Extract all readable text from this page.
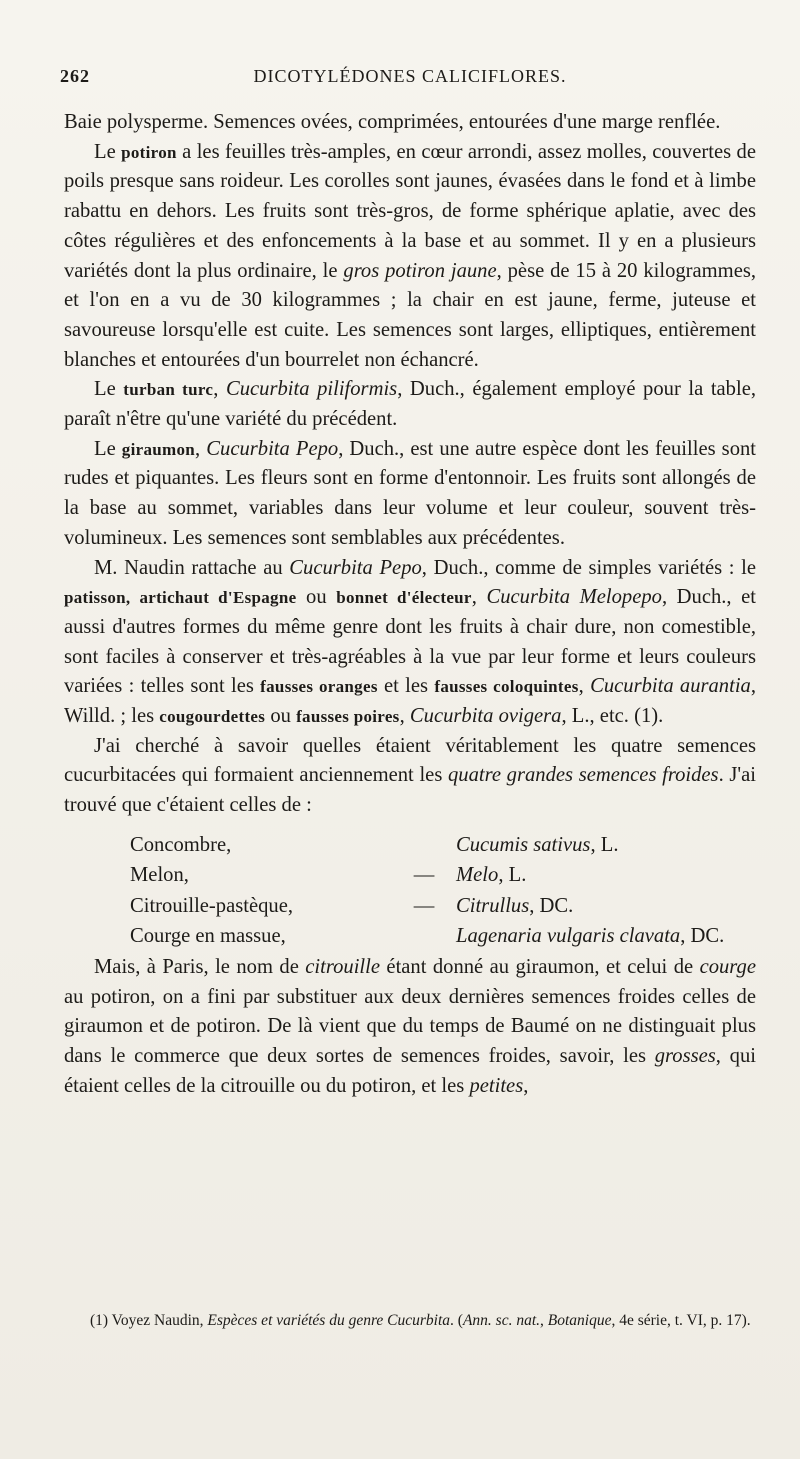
262	DICOTYLÉDONES CALICIFLORES.

Baie polysperme. Semences ovées, comprimées, entourées d'une marge renflée.

Le potiron a les feuilles très-amples, en cœur arrondi, assez molles, couvertes de poils presque sans roideur. Les corolles sont jaunes, évasées dans le fond et à limbe rabattu en dehors. Les fruits sont très-gros, de forme sphérique aplatie, avec des côtes régulières et des enfoncements à la base et au sommet. Il y en a plusieurs variétés dont la plus ordinaire, le gros potiron jaune, pèse de 15 à 20 kilogrammes, et l'on en a vu de 30 kilogrammes ; la chair en est jaune, ferme, juteuse et savoureuse lorsqu'elle est cuite. Les semences sont larges, elliptiques, entièrement blanches et entourées d'un bourrelet non échancré.

Le turban turc, Cucurbita piliformis, Duch., également employé pour la table, paraît n'être qu'une variété du précédent.

Le giraumon, Cucurbita Pepo, Duch., est une autre espèce dont les feuilles sont rudes et piquantes. Les fleurs sont en forme d'entonnoir. Les fruits sont allongés de la base au sommet, variables dans leur volume et leur couleur, souvent très-volumineux. Les semences sont semblables aux précédentes.

M. Naudin rattache au Cucurbita Pepo, Duch., comme de simples variétés : le patisson, artichaut d'Espagne ou bonnet d'électeur, Cucurbita Melopepo, Duch., et aussi d'autres formes du même genre dont les fruits à chair dure, non comestible, sont faciles à conserver et très-agréables à la vue par leur forme et leurs couleurs variées : telles sont les fausses oranges et les fausses coloquintes, Cucurbita aurantia, Willd. ; les cougourdettes ou fausses poires, Cucurbita ovigera, L., etc. (1).

J'ai cherché à savoir quelles étaient véritablement les quatre semences cucurbitacées qui formaient anciennement les quatre grandes semences froides. J'ai trouvé que c'étaient celles de :

Concombre,	Cucumis sativus, L.
Melon,	— Melo, L.
Citrouille-pastèque,	— Citrullus, DC.
Courge en massue,	Lagenaria vulgaris clavata, DC.

Mais, à Paris, le nom de citrouille étant donné au giraumon, et celui de courge au potiron, on a fini par substituer aux deux dernières semences froides celles de giraumon et de potiron. De là vient que du temps de Baumé on ne distinguait plus dans le commerce que deux sortes de semences froides, savoir, les grosses, qui étaient celles de la citrouille ou du potiron, et les petites,

(1) Voyez Naudin, Espèces et variétés du genre Cucurbita. (Ann. sc. nat., Botanique, 4e série, t. VI, p. 17).
